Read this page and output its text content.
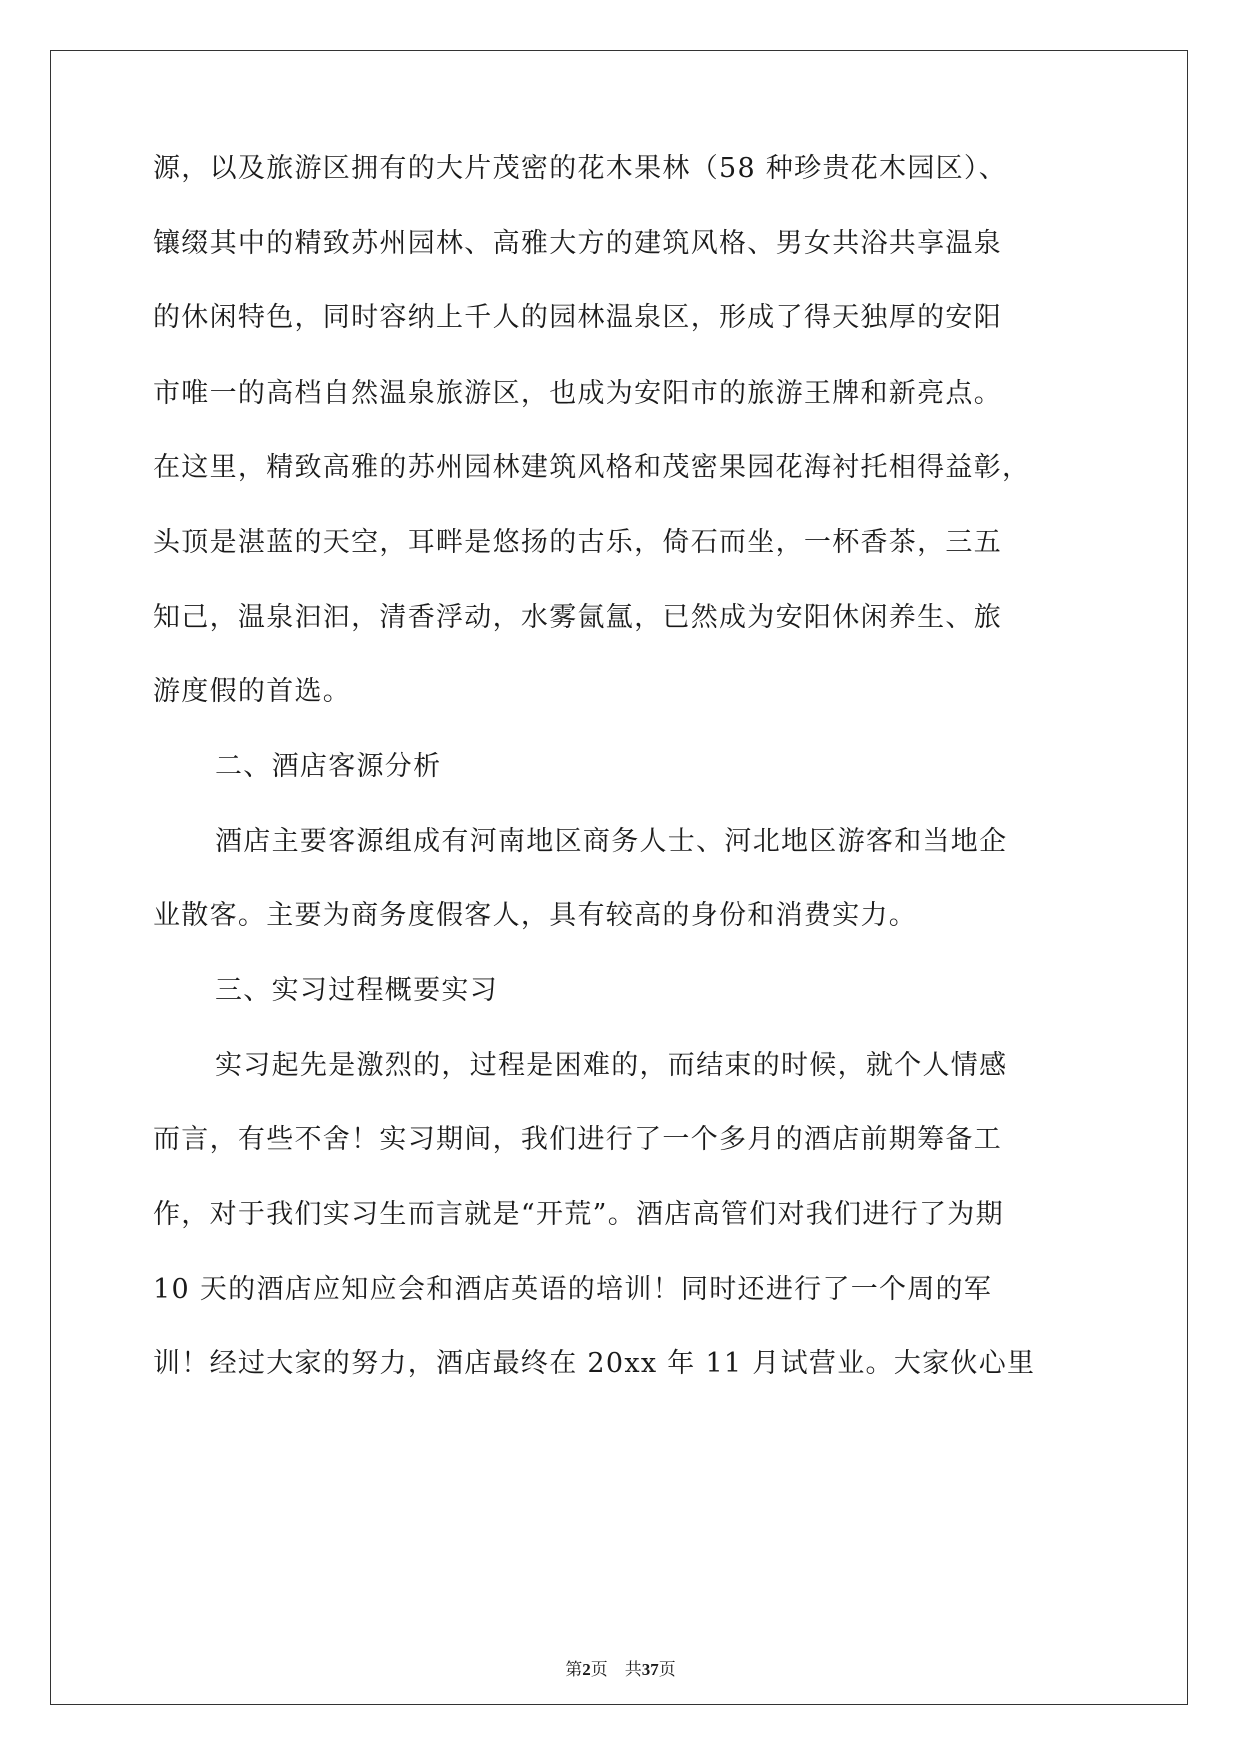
源，以及旅游区拥有的大片茂密的花木果林（58 种珍贵花木园区）、
镶缀其中的精致苏州园林、高雅大方的建筑风格、男女共浴共享温泉
的休闲特色，同时容纳上千人的园林温泉区，形成了得天独厚的安阳
市唯一的高档自然温泉旅游区，也成为安阳市的旅游王牌和新亮点。
在这里，精致高雅的苏州园林建筑风格和茂密果园花海衬托相得益彰，
头顶是湛蓝的天空，耳畔是悠扬的古乐，倚石而坐，一杯香茶，三五
知己，温泉汩汩，清香浮动，水雾氤氲，已然成为安阳休闲养生、旅
游度假的首选。
二、酒店客源分析
酒店主要客源组成有河南地区商务人士、河北地区游客和当地企
业散客。主要为商务度假客人，具有较高的身份和消费实力。
三、实习过程概要实习
实习起先是激烈的，过程是困难的，而结束的时候，就个人情感
而言，有些不舍！实习期间，我们进行了一个多月的酒店前期筹备工
作，对于我们实习生而言就是“开荒”。酒店高管们对我们进行了为期
10 天的酒店应知应会和酒店英语的培训！同时还进行了一个周的军
训！经过大家的努力，酒店最终在 20xx 年 11 月试营业。大家伙心里
第2页 共37页
